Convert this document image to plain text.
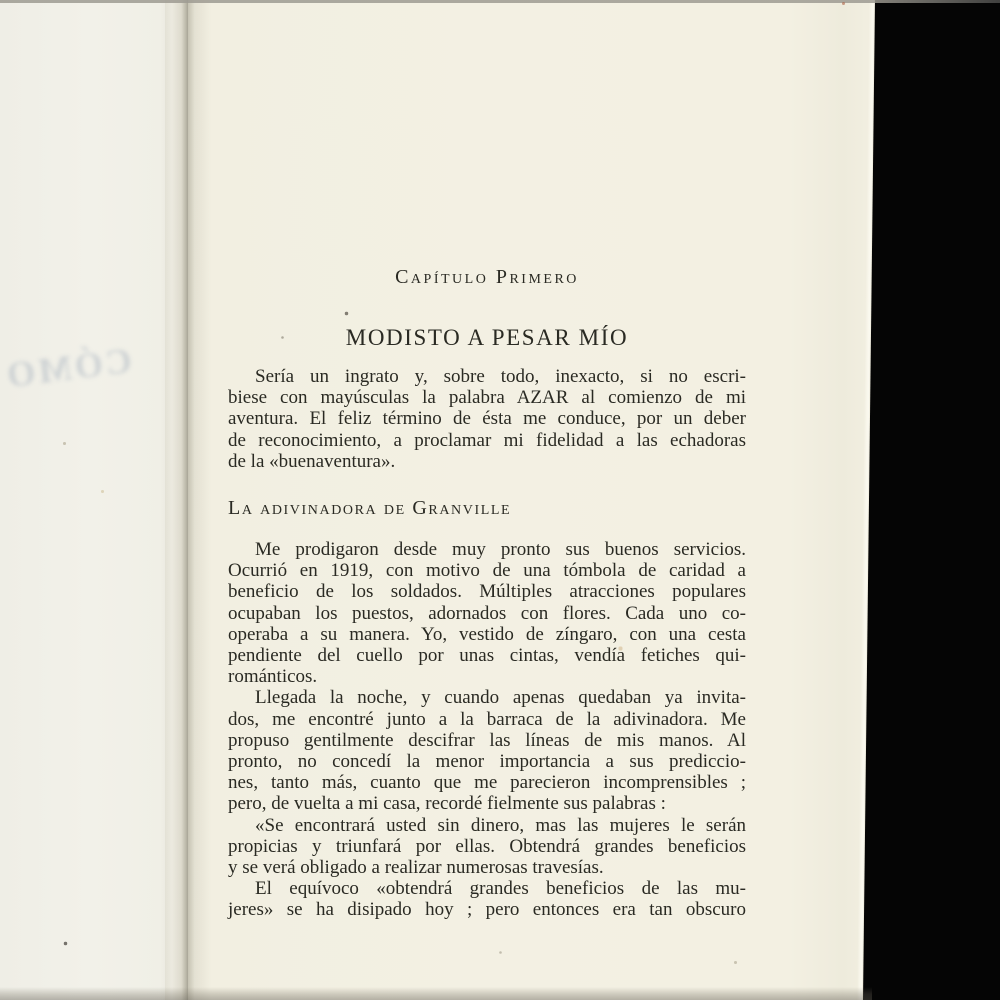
CÓMO
Capítulo Primero
MODISTO A PESAR MÍO
Sería un ingrato y, sobre todo, inexacto, si no escri-
biese con mayúsculas la palabra AZAR al comienzo de mi
aventura. El feliz término de ésta me conduce, por un deber
de reconocimiento, a proclamar mi fidelidad a las echadoras
de la «buenaventura».
La adivinadora de Granville
Me prodigaron desde muy pronto sus buenos servicios.
Ocurrió en 1919, con motivo de una tómbola de caridad a
beneficio de los soldados. Múltiples atracciones populares
ocupaban los puestos, adornados con flores. Cada uno co-
operaba a su manera. Yo, vestido de zíngaro, con una cesta
pendiente del cuello por unas cintas, vendía fetiches qui-
románticos.
Llegada la noche, y cuando apenas quedaban ya invita-
dos, me encontré junto a la barraca de la adivinadora. Me
propuso gentilmente descifrar las líneas de mis manos. Al
pronto, no concedí la menor importancia a sus prediccio-
nes, tanto más, cuanto que me parecieron incomprensibles ;
pero, de vuelta a mi casa, recordé fielmente sus palabras :
«Se encontrará usted sin dinero, mas las mujeres le serán
propicias y triunfará por ellas. Obtendrá grandes beneficios
y se verá obligado a realizar numerosas travesías.
El equívoco «obtendrá grandes beneficios de las mu-
jeres» se ha disipado hoy ; pero entonces era tan obscuro
